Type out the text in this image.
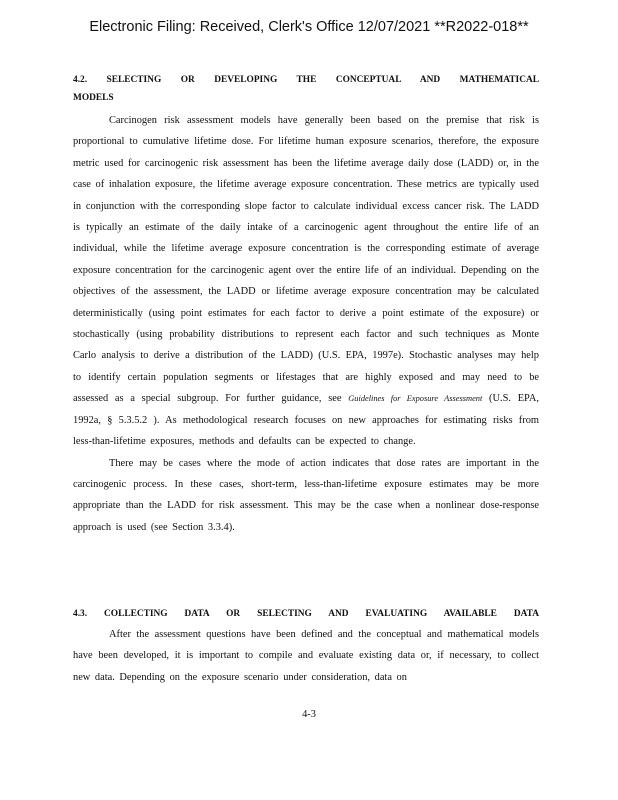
Electronic Filing: Received, Clerk's Office 12/07/2021 **R2022-018**
4.2. SELECTING OR DEVELOPING THE CONCEPTUAL AND MATHEMATICAL
MODELS

Carcinogen risk assessment models have generally been based on the premise that risk is proportional to cumulative lifetime dose. For lifetime human exposure scenarios, therefore, the exposure metric used for carcinogenic risk assessment has been the lifetime average daily dose (LADD) or, in the case of inhalation exposure, the lifetime average exposure concentration. These metrics are typically used in conjunction with the corresponding slope factor to calculate individual excess cancer risk. The LADD is typically an estimate of the daily intake of a carcinogenic agent throughout the entire life of an individual, while the lifetime average exposure concentration is the corresponding estimate of average exposure concentration for the carcinogenic agent over the entire life of an individual. Depending on the objectives of the assessment, the LADD or lifetime average exposure concentration may be calculated deterministically (using point estimates for each factor to derive a point estimate of the exposure) or stochastically (using probability distributions to represent each factor and such techniques as Monte Carlo analysis to derive a distribution of the LADD) (U.S. EPA, 1997e). Stochastic analyses may help to identify certain population segments or lifestages that are highly exposed and may need to be assessed as a special subgroup. For further guidance, see Guidelines for Exposure Assessment (U.S. EPA, 1992a, § 5.3.5.2 ). As methodological research focuses on new approaches for estimating risks from less-than-lifetime exposures, methods and defaults can be expected to change.

There may be cases where the mode of action indicates that dose rates are important in the carcinogenic process. In these cases, short-term, less-than-lifetime exposure estimates may be more appropriate than the LADD for risk assessment. This may be the case when a nonlinear dose-response approach is used (see Section 3.3.4).

4.3. COLLECTING DATA OR SELECTING AND EVALUATING AVAILABLE DATA

After the assessment questions have been defined and the conceptual and mathematical models have been developed, it is important to compile and evaluate existing data or, if necessary, to collect new data. Depending on the exposure scenario under consideration, data on

4-3
